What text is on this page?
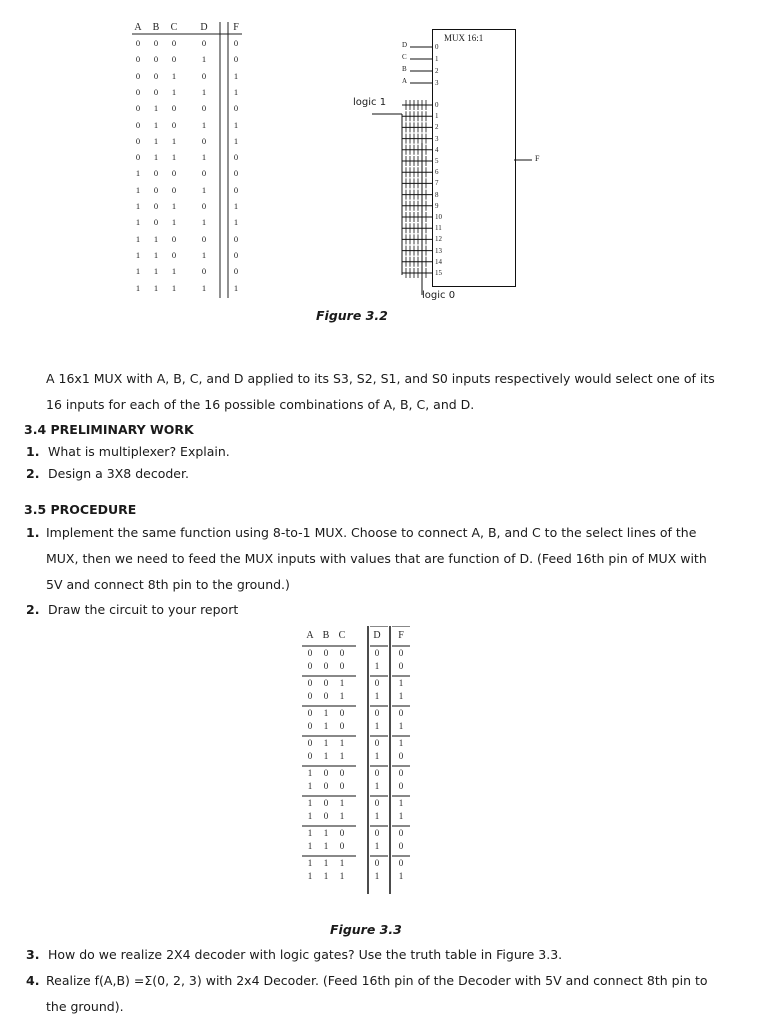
A B C D	F
0	0	0	0	0
0	0	0	1	0
0	0	1	0	1
0	0	1	1	1
0	1	0	0	0
0	1	0	1	1
0	1	1	0	1
0	1	1	1	0
1	0	0	0	0
1	0	0	1	0
1	0	1	0	1
1	0	1	1	1
1	1	0	0	0
1	1	0	1	0
1	1	1	0	0
1	1	1	1	1
MUX 16:1
logic 1
logic 0
F
D	0
C	1
B	2
A	3
0
1
2
3
4
5
6
7
8
9
10
11
12
13
14
15
Figure 3.2
A 16x1 MUX with A, B, C, and D applied to its S3, S2, S1, and S0 inputs respectively would select one of its 16 inputs for each of the 16 possible combinations of A, B, C, and D.
3.4 PRELIMINARY WORK
1. What is multiplexer? Explain.
2. Design a 3X8 decoder.
3.5 PROCEDURE
1. Implement the same function using 8-to-1 MUX. Choose to connect A, B, and C to the select lines of the MUX, then we need to feed the MUX inputs with values that are function of D. (Feed 16th pin of MUX with 5V and connect 8th pin to the ground.)
2. Draw the circuit to your report
A B C	D	F
0	0	0	0	0
0	0	0	1	0
0	0	1	0	1
0	0	1	1	1
0	1	0	0	0
0	1	0	1	1
0	1	1	0	1
0	1	1	1	0
1	0	0	0	0
1	0	0	1	0
1	0	1	0	1
1	0	1	1	1
1	1	0	0	0
1	1	0	1	0
1	1	1	0	0
1	1	1	1	1
Figure 3.3
3. How do we realize 2X4 decoder with logic gates? Use the truth table in Figure 3.3.
4. Realize f(A,B) =Σ(0, 2, 3) with 2x4 Decoder. (Feed 16th pin of the Decoder with 5V and connect 8th pin to the ground).
